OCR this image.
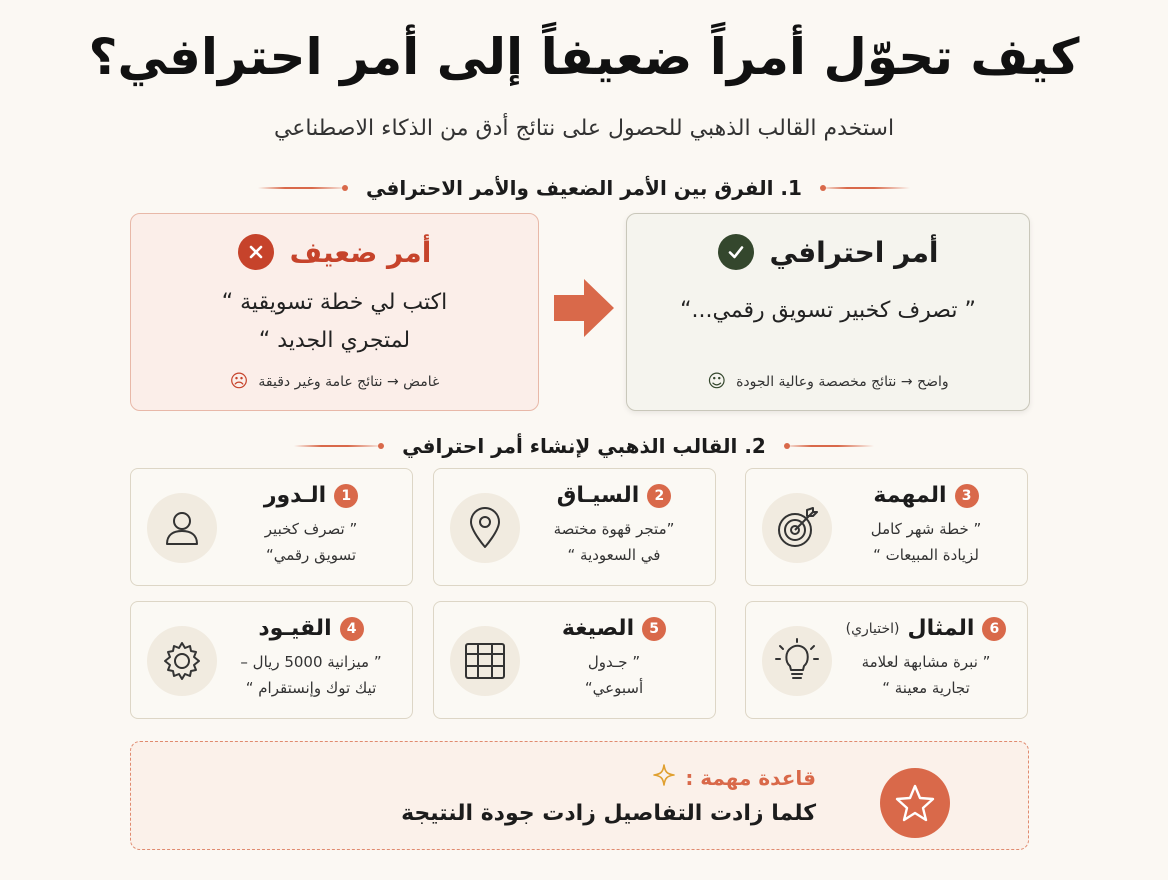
كيف تحوّل أمراً ضعيفاً إلى أمر احترافي؟
استخدم القالب الذهبي للحصول على نتائج أدق من الذكاء الاصطناعي
1. الفرق بين الأمر الضعيف والأمر الاحترافي
أمر ضعيف
اكتب لي خطة تسويقية “
لمتجري الجديد “
غامض → نتائج عامة وغير دقيقة
☹
أمر احترافي
” تصرف كخبير تسويق رقمي...“
واضح → نتائج مخصصة وعالية الجودة
☺
2. القالب الذهبي لإنشاء أمر احترافي
1
الـدور
” تصرف كخبير
تسويق رقمي“
2
السيـاق
”متجر قهوة مختصة
في السعودية “
3
المهمة
” خطة شهر كامل
لزيادة المبيعات “
4
القيـود
” ميزانية 5000 ريال –
تيك توك وإنستقرام “
5
الصيغة
” جـدول
أسبوعي“
6
المثال
(اختياري)
” نبرة مشابهة لعلامة
تجارية معينة “
قاعدة مهمة :
كلما زادت التفاصيل زادت جودة النتيجة
